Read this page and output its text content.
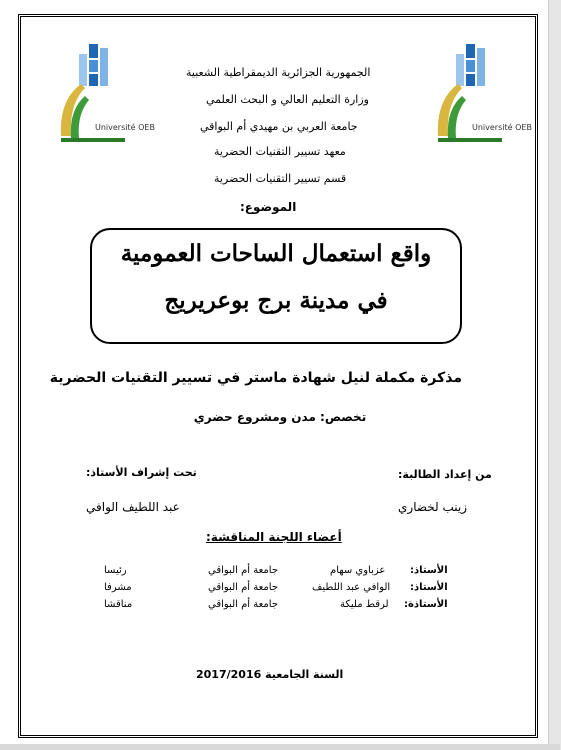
Université OEB
Université OEB
الجمهورية الجزائرية الديمقراطية الشعبية
وزارة التعليم العالي و البحث العلمي
جامعة العربي بن مهيدي أم البواقي
معهد تسيير التقنيات الحضرية
قسم تسيير التقنيات الحضرية
الموضوع:
واقع استعمال الساحات العمومية
في مدينة برج بوعريريج
مذكرة مكملة لنيل شهادة ماستر في تسيير التقنيات الحضرية
تخصص: مدن ومشروع حضري
من إعداد الطالبة:
تحت إشراف الأستاذ:
زينب لخضاري
عبد اللطيف الوافي
أعضاء اللجنة المناقشة:
الأستاذ:
عزباوي سهام
جامعة أم البواقي
رئيسا
الأستاذ:
الوافي عبد اللطيف
جامعة أم البواقي
مشرفا
الأستاذة:
لرقط مليكة
جامعة أم البواقي
مناقشا
السنة الجامعية 2017/2016
